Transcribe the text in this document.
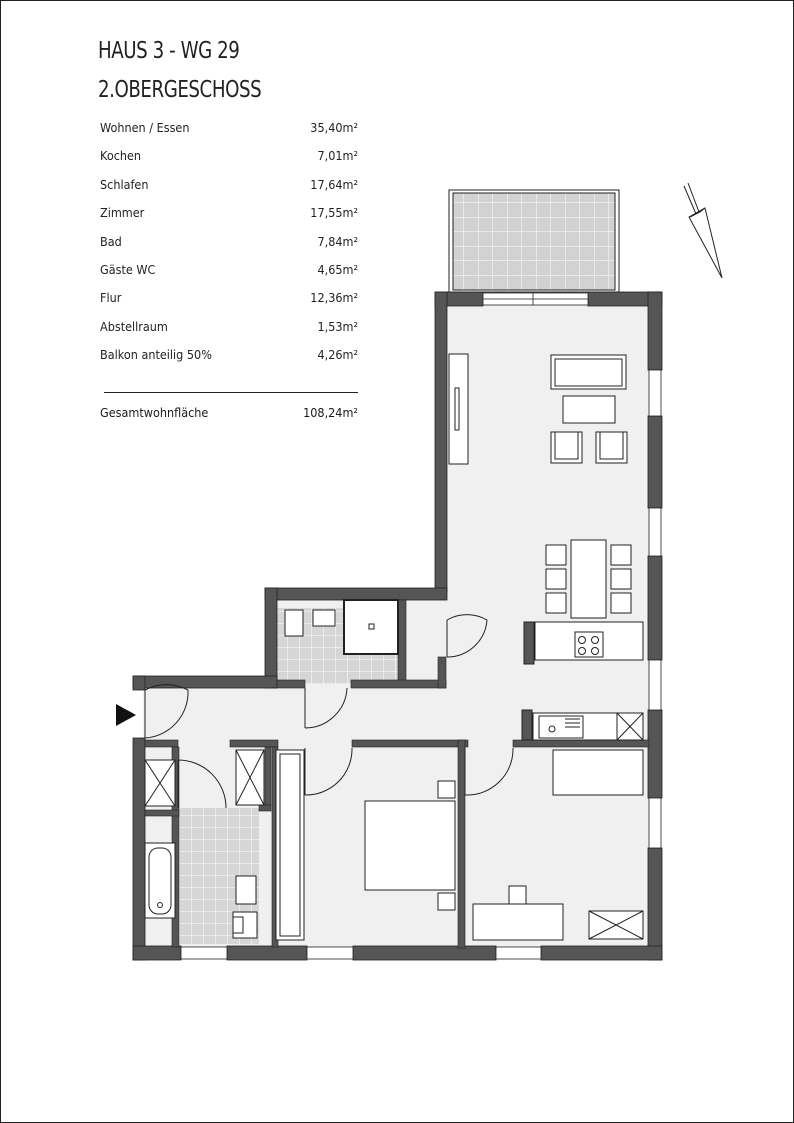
HAUS 3 - WG 29
2.OBERGESCHOSS
Wohnen / Essen	35,40m²
Kochen	7,01m²
Schlafen	17,64m²
Zimmer	17,55m²
Bad	7,84m²
Gäste WC	4,65m²
Flur	12,36m²
Abstellraum	1,53m²
Balkon anteilig 50%	4,26m²
Gesamtwohnfläche	108,24m²
